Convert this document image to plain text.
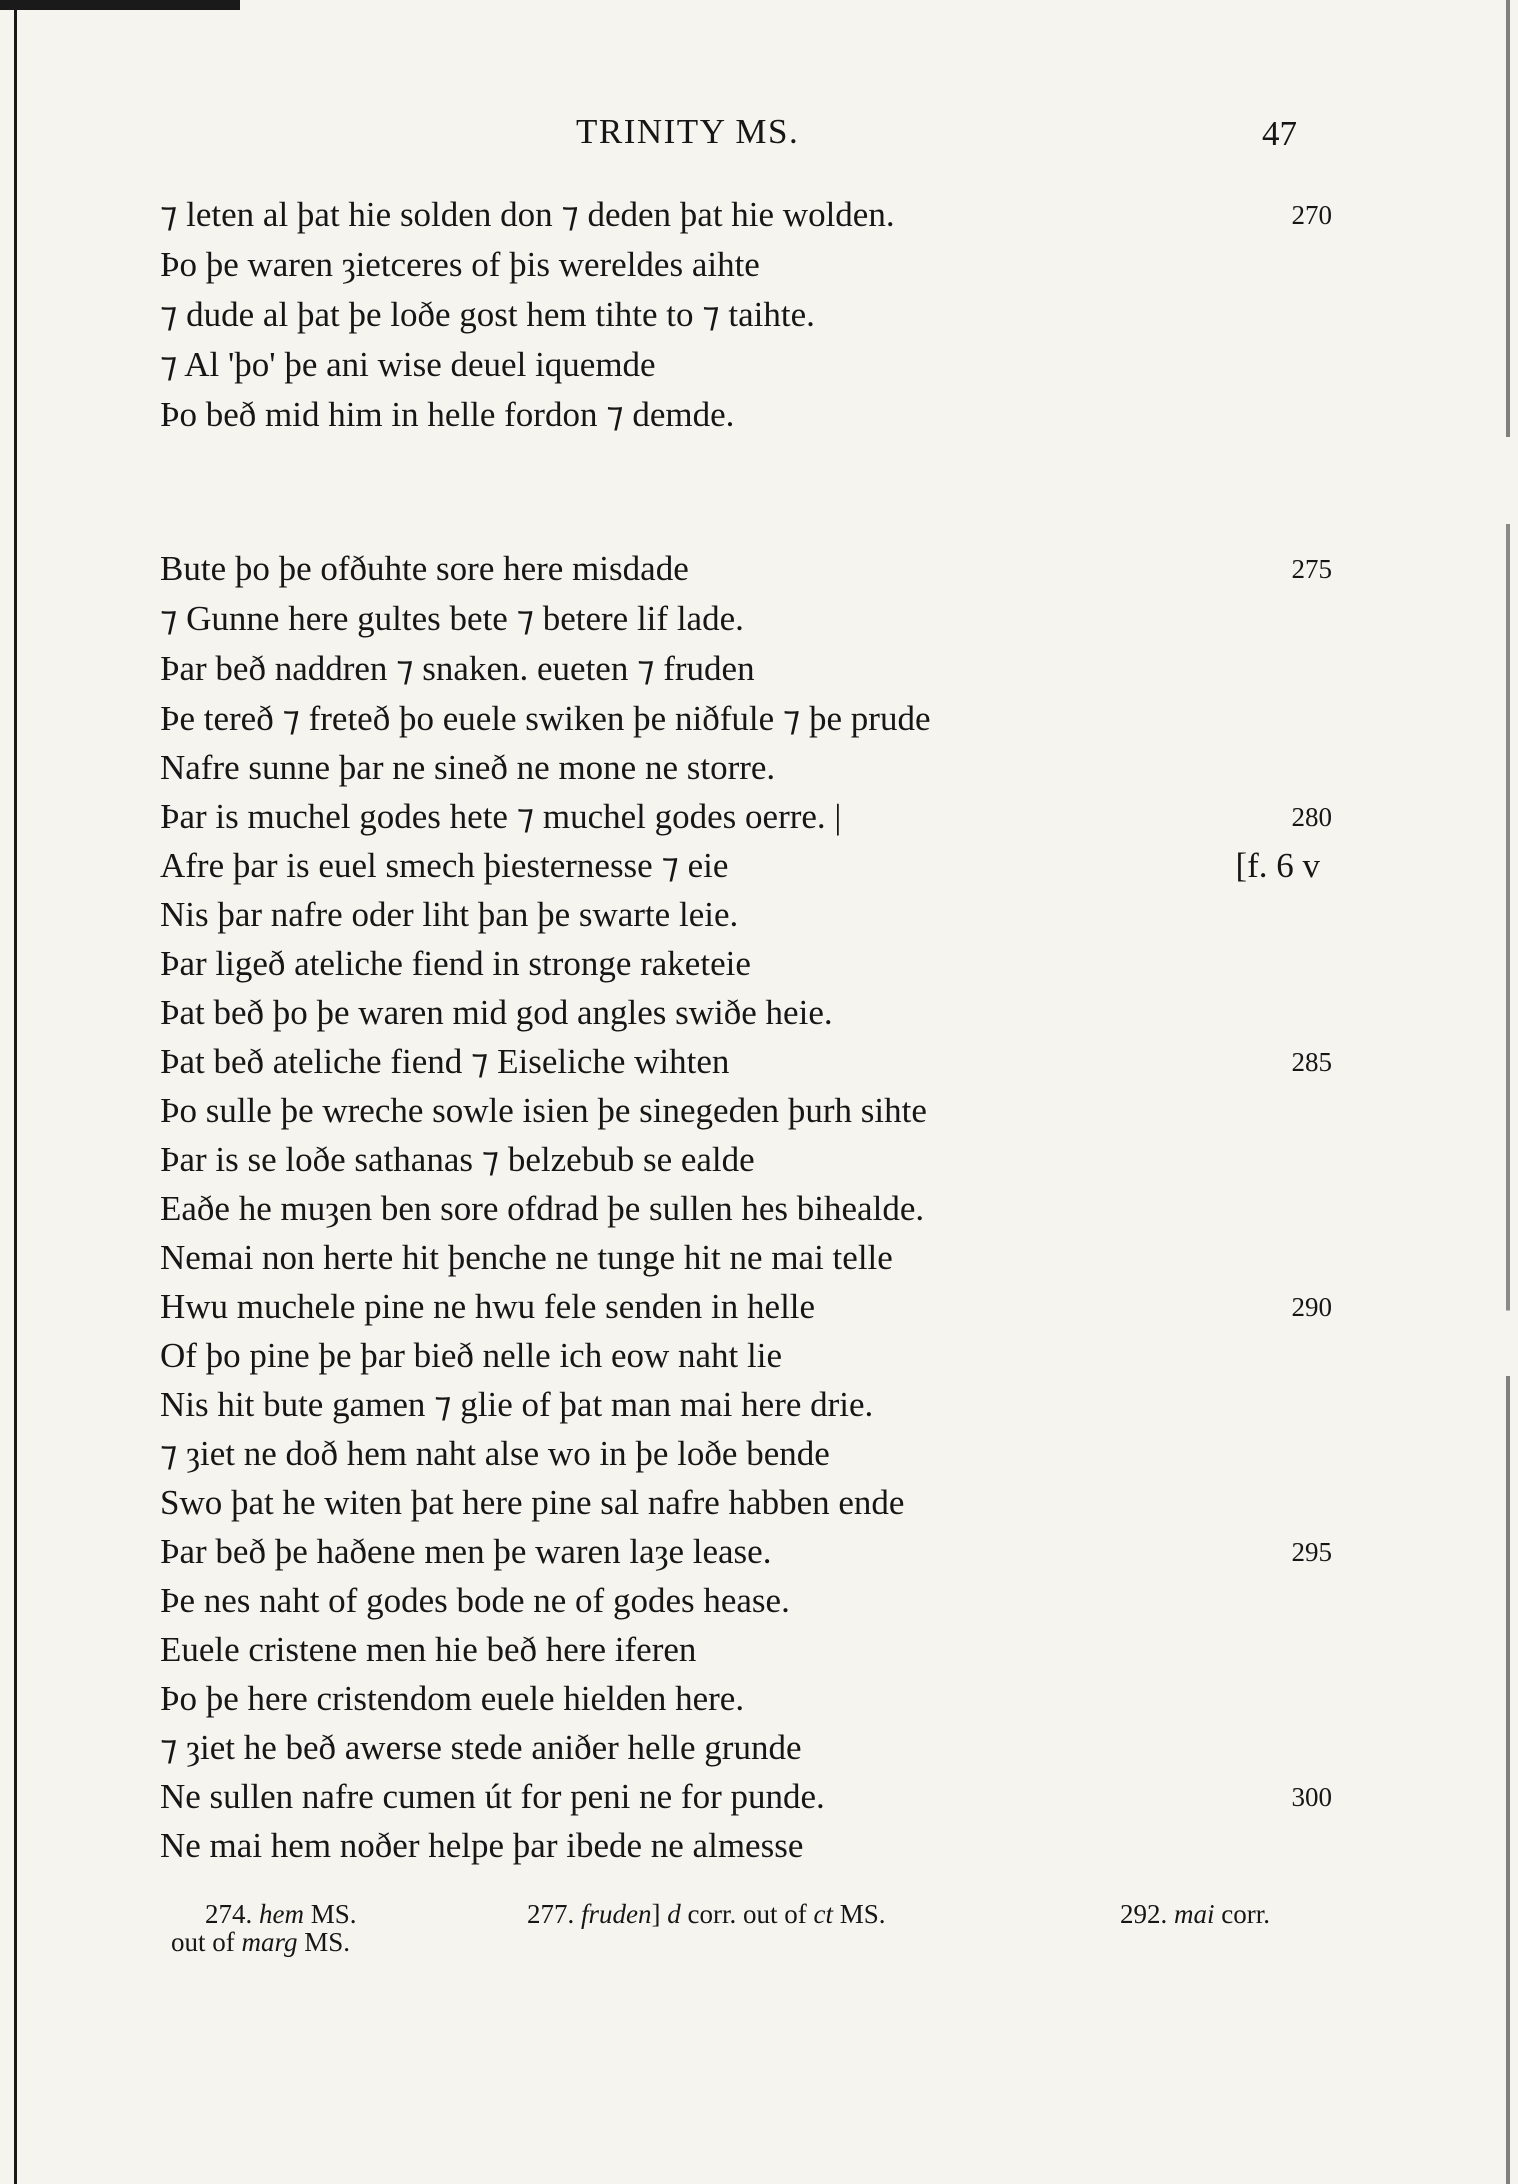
TRINITY MS.	47
⁊ leten al þat hie solden don ⁊ deden þat hie wolden.
Þo þe waren ȝietceres of þis wereldes aihte
⁊ dude al þat þe loðe gost hem tihte to ⁊ taihte.
⁊ Al 'þo' þe ani wise deuel iquemde
Þo beð mid him in helle fordon ⁊ demde.
Bute þo þe ofðuhte sore here misdade
⁊ Gunne here gultes bete ⁊ betere lif lade.
Þar beð naddren ⁊ snaken. eueten ⁊ fruden
Þe tereð ⁊ freteð þo euele swiken þe niðfule ⁊ þe prude
Nafre sunne þar ne sineð ne mone ne storre.
Þar is muchel godes hete ⁊ muchel godes oerre. |
Afre þar is euel smech þiesternesse ⁊ eie
Nis þar nafre oder liht þan þe swarte leie.
Þar ligeð ateliche fiend in stronge raketeie
Þat beð þo þe waren mid god angles swiðe heie.
Þat beð ateliche fiend ⁊ Eiseliche wihten
Þo sulle þe wreche sowle isien þe sinegeden þurh sihte
Þar is se loðe sathanas ⁊ belzebub se ealde
Eaðe he muȝen ben sore ofdrad þe sullen hes bihealde.
Nemai non herte hit þenche ne tunge hit ne mai telle
Hwu muchele pine ne hwu fele senden in helle
Of þo pine þe þar bieð nelle ich eow naht lie
Nis hit bute gamen ⁊ glie of þat man mai here drie.
⁊ ȝiet ne doð hem naht alse wo in þe loðe bende
Swo þat he witen þat here pine sal nafre habben ende
Þar beð þe haðene men þe waren laȝe lease.
Þe nes naht of godes bode ne of godes hease.
Euele cristene men hie beð here iferen
Þo þe here cristendom euele hielden here.
⁊ ȝiet he beð awerse stede aniðer helle grunde
Ne sullen nafre cumen út for peni ne for punde.
Ne mai hem noðer helpe þar ibede ne almesse
270
275
280
[f. 6 v
285
290
295
300
274. hem MS.
out of marg MS.
277. fruden] d corr. out of ct MS.	292. mai corr.
